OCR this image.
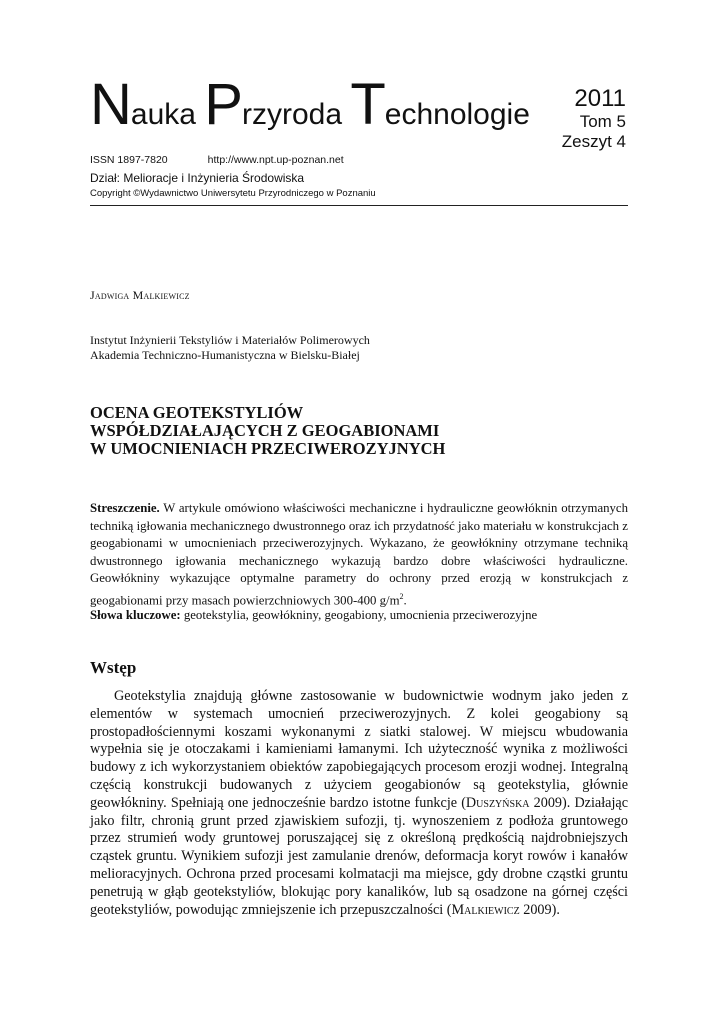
Nauka Przyroda Technologie	2011
Tom 5
Zeszyt 4
ISSN 1897-7820	http://www.npt.up-poznan.net
Dział: Melioracje i Inżynieria Środowiska
Copyright ©Wydawnictwo Uniwersytetu Przyrodniczego w Poznaniu
Jadwiga Malkiewicz
Instytut Inżynierii Tekstyliów i Materiałów Polimerowych
Akademia Techniczno-Humanistyczna w Bielsku-Białej
OCENA GEOTEKSTYLIÓW
WSPÓŁDZIAŁAJĄCYCH Z GEOGABIONAMI
W UMOCNIENIACH PRZECIWEROZYJNYCH
Streszczenie. W artykule omówiono właściwości mechaniczne i hydrauliczne geowłóknin otrzymanych techniką igłowania mechanicznego dwustronnego oraz ich przydatność jako materiału w konstrukcjach z geogabionami w umocnieniach przeciwerozyjnych. Wykazano, że geowłókniny otrzymane techniką dwustronnego igłowania mechanicznego wykazują bardzo dobre właściwości hydrauliczne. Geowłókniny wykazujące optymalne parametry do ochrony przed erozją w konstrukcjach z geogabionami przy masach powierzchniowych 300-400 $g/m^2$.
Słowa kluczowe: geotekstylia, geowłókniny, geogabiony, umocnienia przeciwerozyjne
Wstęp
Geotekstylia znajdują główne zastosowanie w budownictwie wodnym jako jeden z elementów w systemach umocnień przeciwerozyjnych. Z kolei geogabiony są prostopadłościennymi koszami wykonanymi z siatki stalowej. W miejscu wbudowania wypełnia się je otoczakami i kamieniami łamanymi. Ich użyteczność wynika z możliwości budowy z ich wykorzystaniem obiektów zapobiegających procesom erozji wodnej. Integralną częścią konstrukcji budowanych z użyciem geogabionów są geotekstylia, głównie geowłókniny. Spełniają one jednocześnie bardzo istotne funkcje (Duszyńska 2009). Działając jako filtr, chronią grunt przed zjawiskiem sufozji, tj. wynoszeniem z podłoża gruntowego przez strumień wody gruntowej poruszającej się z określoną prędkością najdrobniejszych cząstek gruntu. Wynikiem sufozji jest zamulanie drenów, deformacja koryt rowów i kanałów melioracyjnych. Ochrona przed procesami kolmatacji ma miejsce, gdy drobne cząstki gruntu penetrują w głąb geotekstyliów, blokując pory kanalików, lub są osadzone na górnej części geotekstyliów, powodując zmniejszenie ich przepuszczalności (Malkiewicz 2009).
